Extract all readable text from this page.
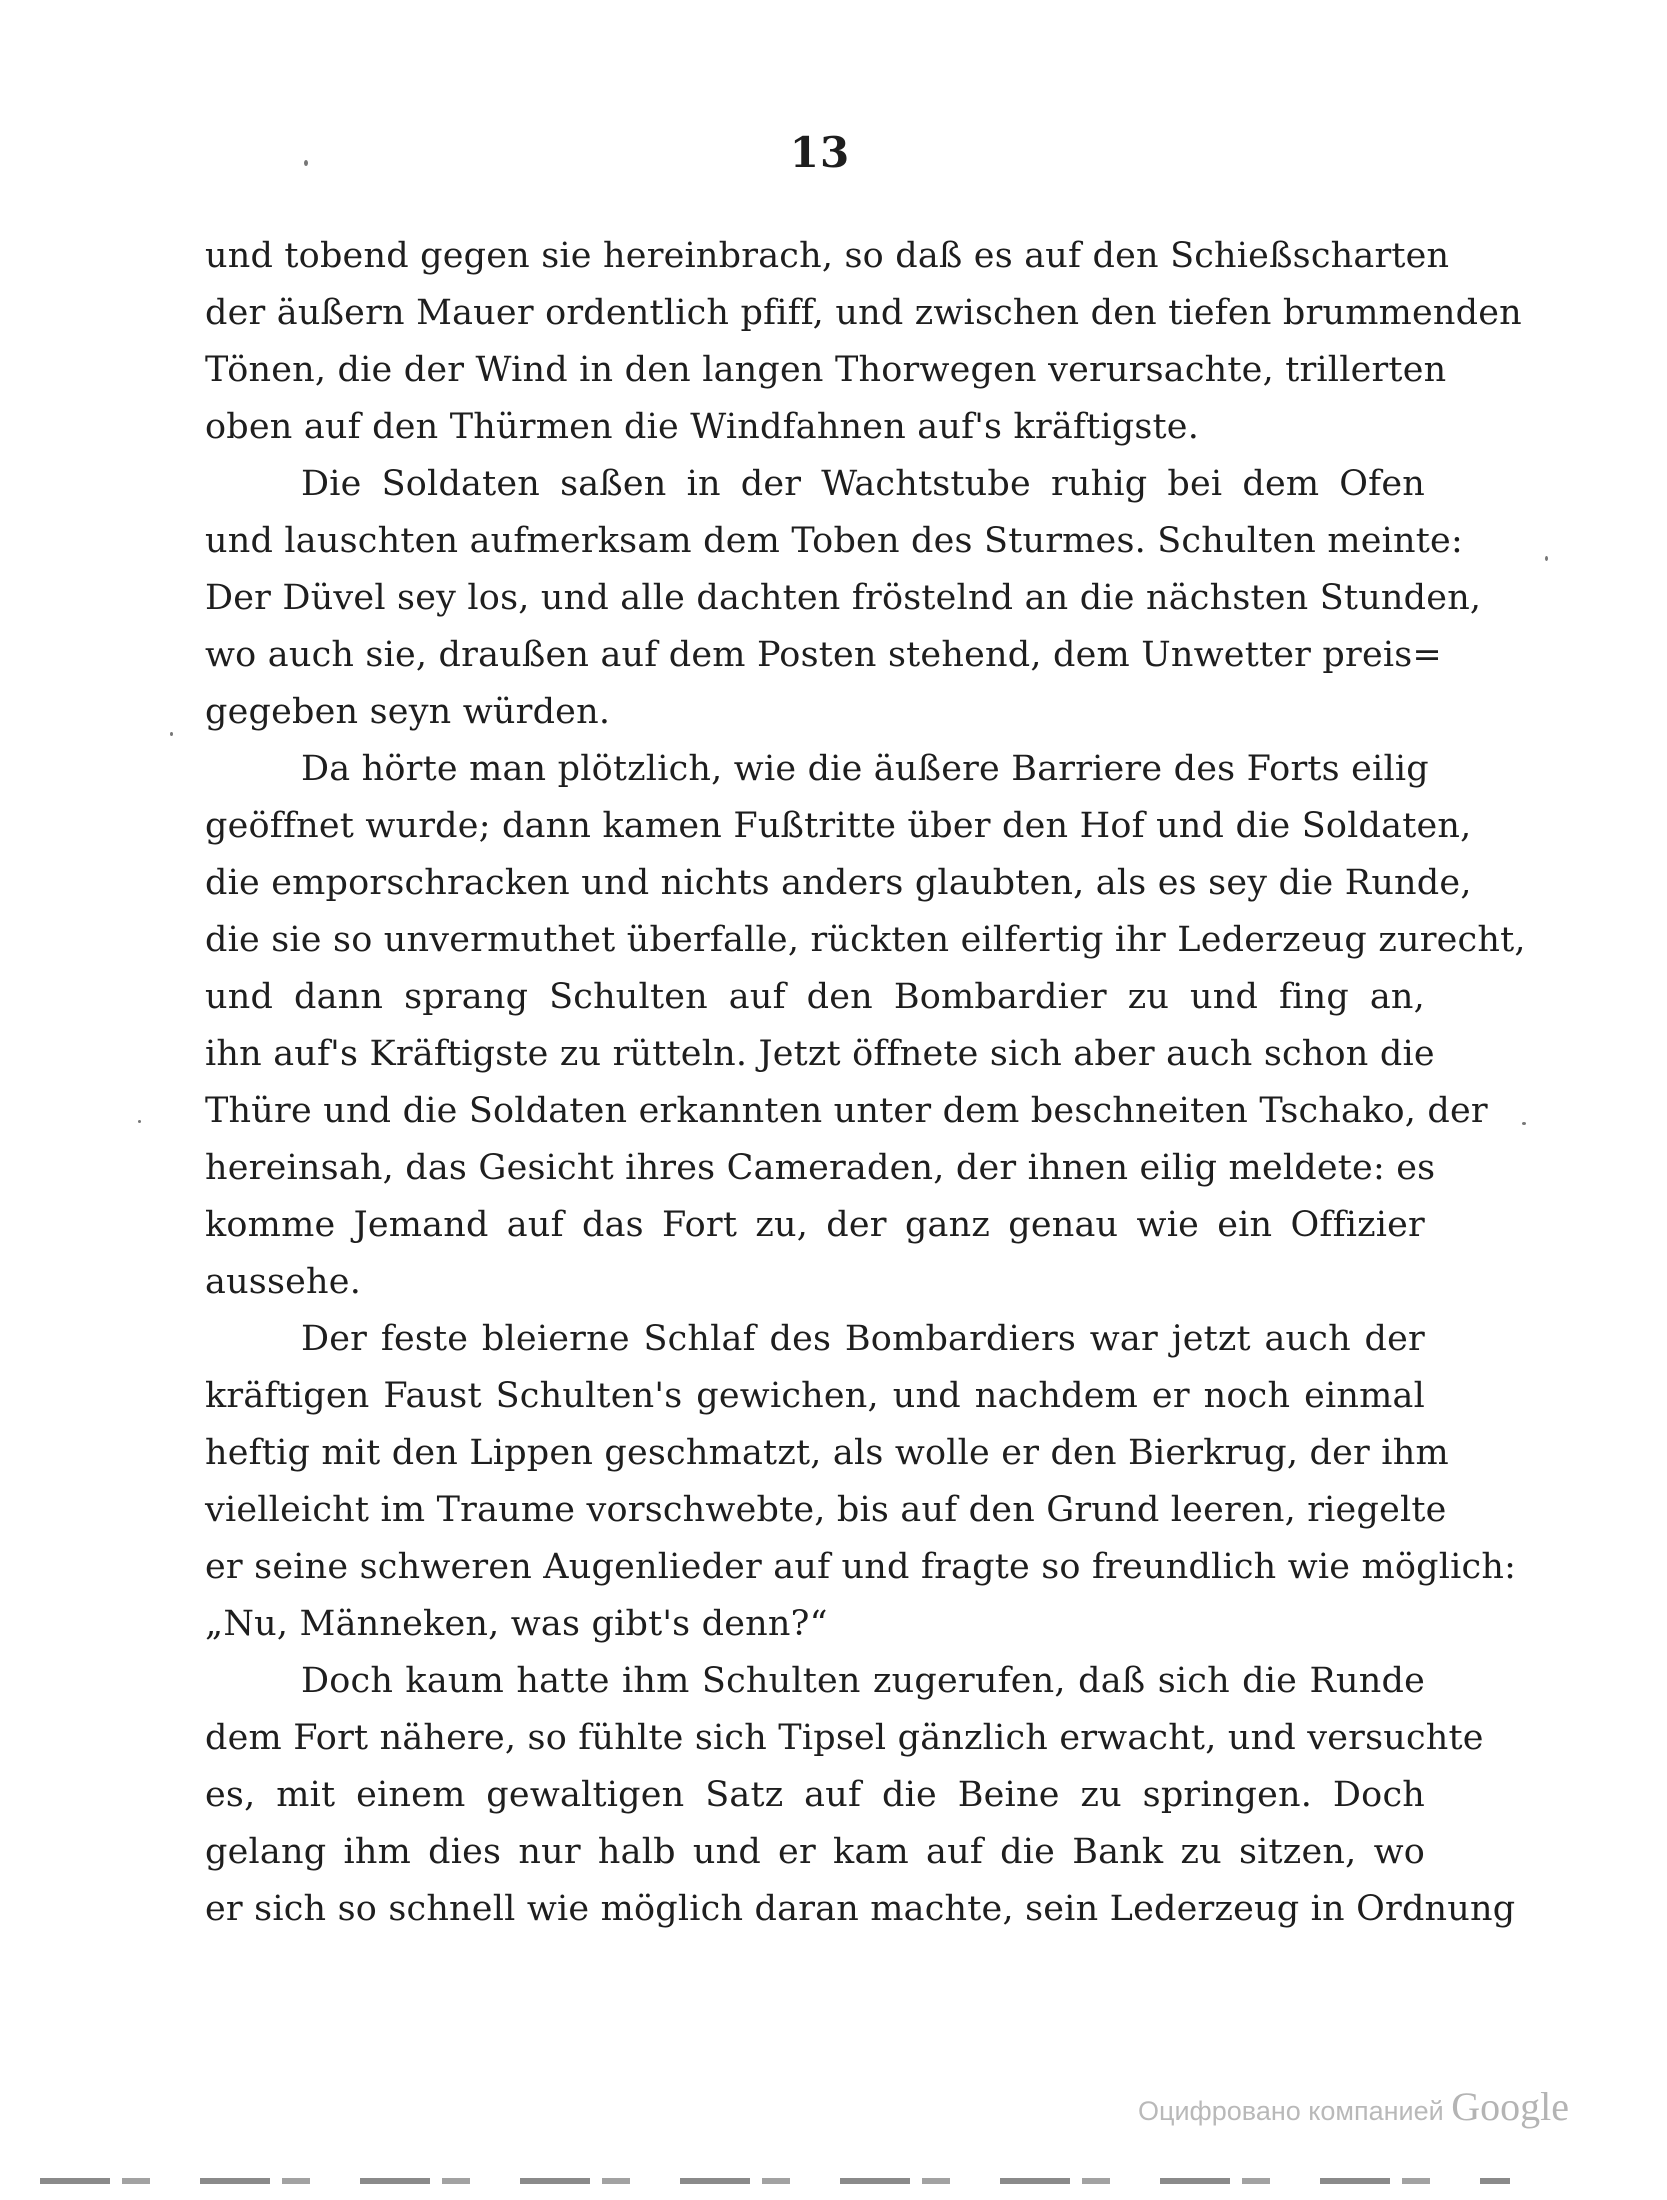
13
und tobend gegen sie hereinbrach, so daß es auf den Schießscharten
der äußern Mauer ordentlich pfiff, und zwischen den tiefen brummenden
Tönen, die der Wind in den langen Thorwegen verursachte, trillerten
oben auf den Thürmen die Windfahnen auf's kräftigste.
Die Soldaten saßen in der Wachtstube ruhig bei dem Ofen
und lauschten aufmerksam dem Toben des Sturmes. Schulten meinte:
Der Düvel sey los, und alle dachten fröstelnd an die nächsten Stunden,
wo auch sie, draußen auf dem Posten stehend, dem Unwetter preis=
gegeben seyn würden.
Da hörte man plötzlich, wie die äußere Barriere des Forts eilig
geöffnet wurde; dann kamen Fußtritte über den Hof und die Soldaten,
die emporschracken und nichts anders glaubten, als es sey die Runde,
die sie so unvermuthet überfalle, rückten eilfertig ihr Lederzeug zurecht,
und dann sprang Schulten auf den Bombardier zu und fing an,
ihn auf's Kräftigste zu rütteln. Jetzt öffnete sich aber auch schon die
Thüre und die Soldaten erkannten unter dem beschneiten Tschako, der
hereinsah, das Gesicht ihres Cameraden, der ihnen eilig meldete: es
komme Jemand auf das Fort zu, der ganz genau wie ein Offizier
aussehe.
Der feste bleierne Schlaf des Bombardiers war jetzt auch der
kräftigen Faust Schulten's gewichen, und nachdem er noch einmal
heftig mit den Lippen geschmatzt, als wolle er den Bierkrug, der ihm
vielleicht im Traume vorschwebte, bis auf den Grund leeren, riegelte
er seine schweren Augenlieder auf und fragte so freundlich wie möglich:
„Nu, Männeken, was gibt's denn?“
Doch kaum hatte ihm Schulten zugerufen, daß sich die Runde
dem Fort nähere, so fühlte sich Tipsel gänzlich erwacht, und versuchte
es, mit einem gewaltigen Satz auf die Beine zu springen. Doch
gelang ihm dies nur halb und er kam auf die Bank zu sitzen, wo
er sich so schnell wie möglich daran machte, sein Lederzeug in Ordnung
Оцифровано компанией Google
